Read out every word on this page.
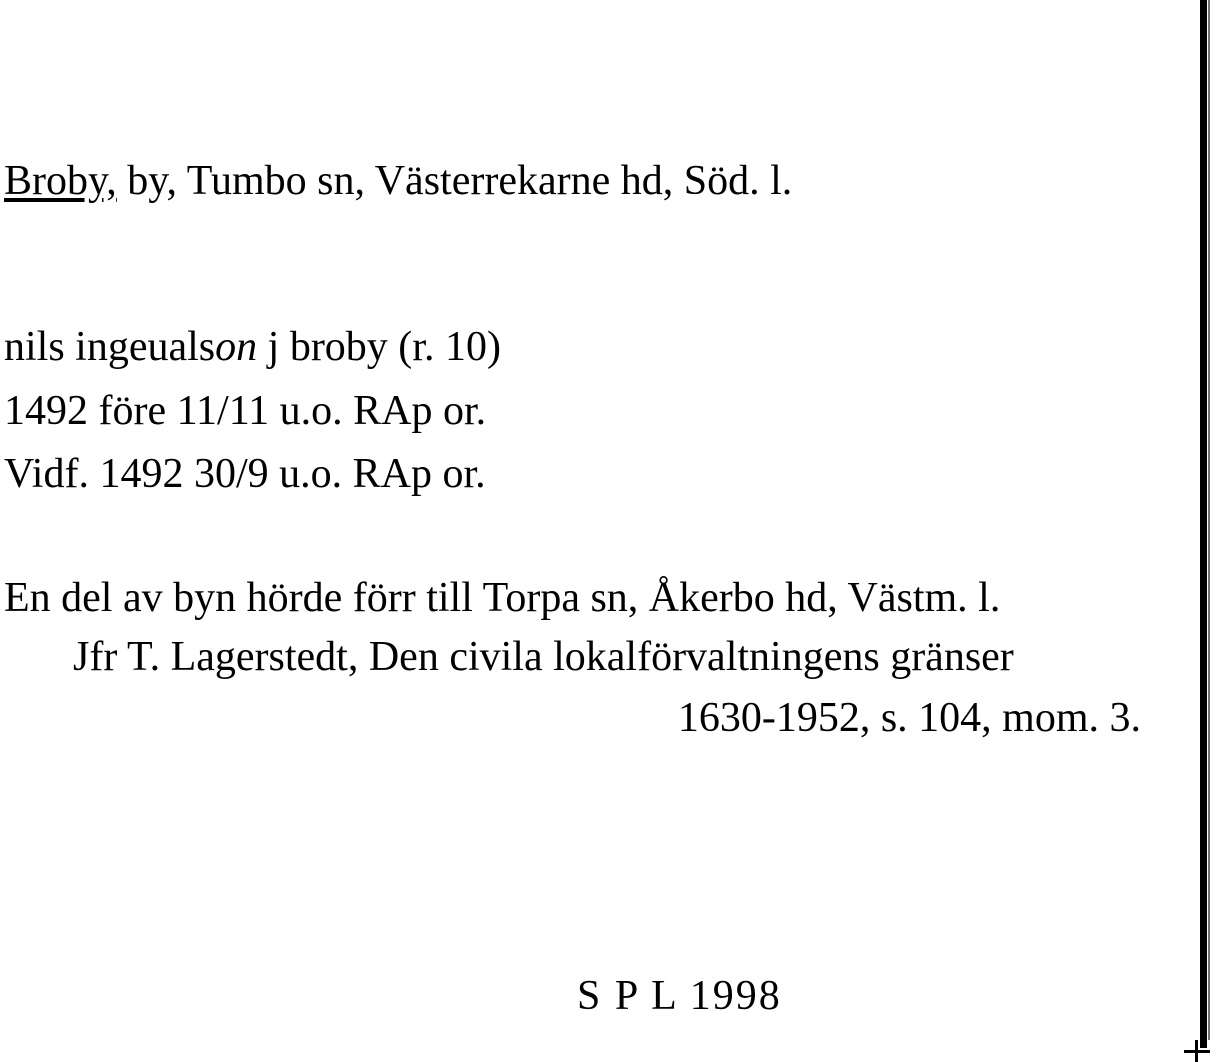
Broby, by, Tumbo sn, Västerrekarne hd, Söd. l.
nils ingeualson j broby (r. 10)
1492 före 11/11 u.o. RAp or.
Vidf. 1492 30/9 u.o. RAp or.
En del av byn hörde förr till Torpa sn, Åkerbo hd, Västm. l.
Jfr T. Lagerstedt, Den civila lokalförvaltningens gränser
1630-1952, s. 104, mom. 3.
S P L 1998
